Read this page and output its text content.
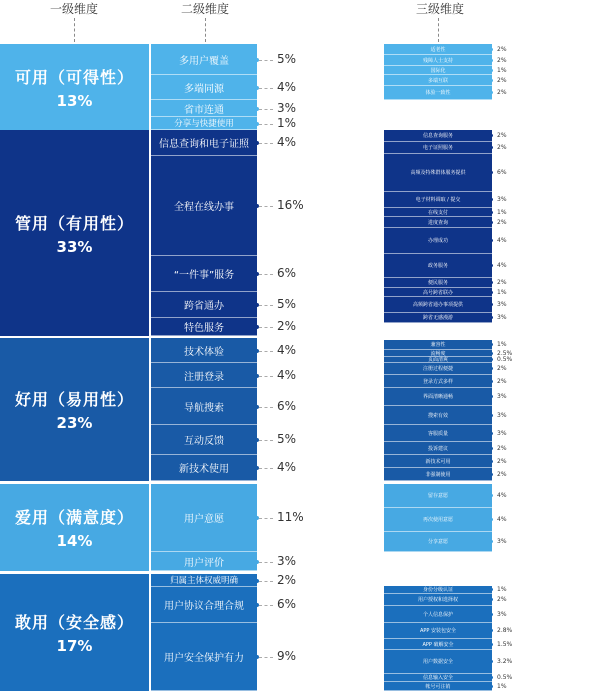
一级维度	二级维度	三级维度
可用（可得性）
13%
多用户覆盖	5%
多端同源	4%
省市连通	3%
分享与快捷使用	1%
适老性	2%
残障人士支持	2%
国际化	1%
多端互联	2%
体验一致性	2%
管用（有用性）
33%
信息查询和电子证照	4%
全程在线办事	16%
“一件事”服务	6%
跨省通办	5%
特色服务	2%
信息查询服务	2%
电子证照服务	2%
高频及特殊群体服务提供	6%
电子材料调取 / 提交	3%
在线支付	1%
进度查询	2%
办理成功	4%
政务服务	4%
便民服务	2%
高号跨省联办	1%
高频跨省通办事项提供	3%
跨省无感漫游	3%
好用（易用性）
23%
技术体验	4%
注册登录	4%
导航搜索	6%
互动反馈	5%
新技术使用	4%
兼容性	1%
流畅度	2.5%
页面清爽	0.5%
注册过程便捷	2%
登录方式多样	2%
界面清晰通畅	3%
搜索有效	3%
客服质量	3%
投诉建议	2%
新技术可用	2%
非强制使用	2%
爱用（满意度）
14%
用户意愿	11%
用户评价	3%
留存意愿	4%
再次使用意愿	4%
分享意愿	3%
敢用（安全感）
17%
归属主体权威明确	2%
用户协议合理合规	6%
用户安全保护有力	9%
身份分级认证	1%
用户授权和选择权	2%
个人信息保护	3%
APP 安装包安全	2.8%
APP 破解安全	1.5%
用户数据安全	3.2%
信息输入安全	0.5%
帐号可注销	1%
